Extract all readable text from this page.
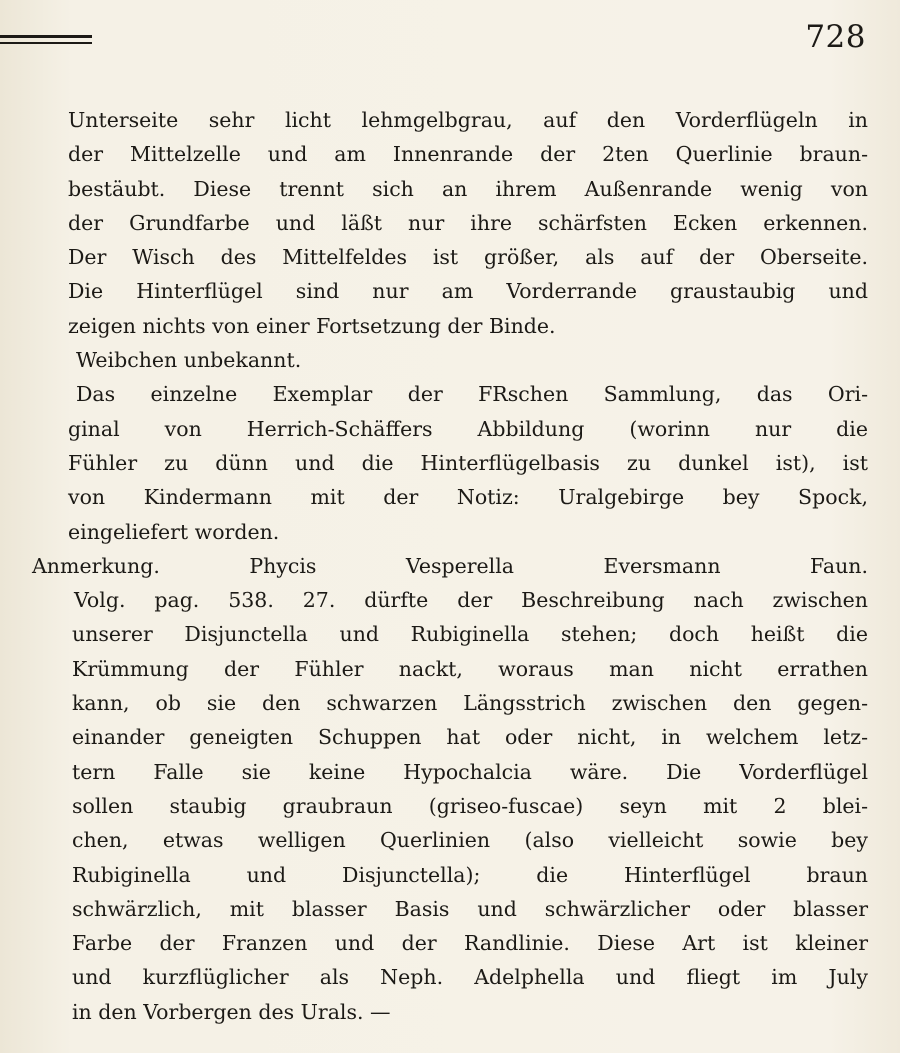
728
Unterseite sehr licht lehmgelbgrau, auf den Vorderflügeln in
der Mittelzelle und am Innenrande der 2ten Querlinie braun-
bestäubt. Diese trennt sich an ihrem Außenrande wenig von
der Grundfarbe und läßt nur ihre schärfsten Ecken erkennen.
Der Wisch des Mittelfeldes ist größer, als auf der Oberseite.
Die Hinterflügel sind nur am Vorderrande graustaubig und
zeigen nichts von einer Fortsetzung der Binde.
Weibchen unbekannt.
Das einzelne Exemplar der FRschen Sammlung, das Ori-
ginal von Herrich-Schäffers Abbildung (worinn nur die
Fühler zu dünn und die Hinterflügelbasis zu dunkel ist), ist
von Kindermann mit der Notiz: Uralgebirge bey Spock,
eingeliefert worden.
Anmerkung. Phycis Vesperella Eversmann Faun.
Volg. pag. 538. 27. dürfte der Beschreibung nach zwischen
unserer Disjunctella und Rubiginella stehen; doch heißt die
Krümmung der Fühler nackt, woraus man nicht errathen
kann, ob sie den schwarzen Längsstrich zwischen den gegen-
einander geneigten Schuppen hat oder nicht, in welchem letz-
tern Falle sie keine Hypochalcia wäre. Die Vorderflügel
sollen staubig graubraun (griseo-fuscae) seyn mit 2 blei-
chen, etwas welligen Querlinien (also vielleicht sowie bey
Rubiginella und Disjunctella); die Hinterflügel braun
schwärzlich, mit blasser Basis und schwärzlicher oder blasser
Farbe der Franzen und der Randlinie. Diese Art ist kleiner
und kurzflüglicher als Neph. Adelphella und fliegt im July
in den Vorbergen des Urals. —
